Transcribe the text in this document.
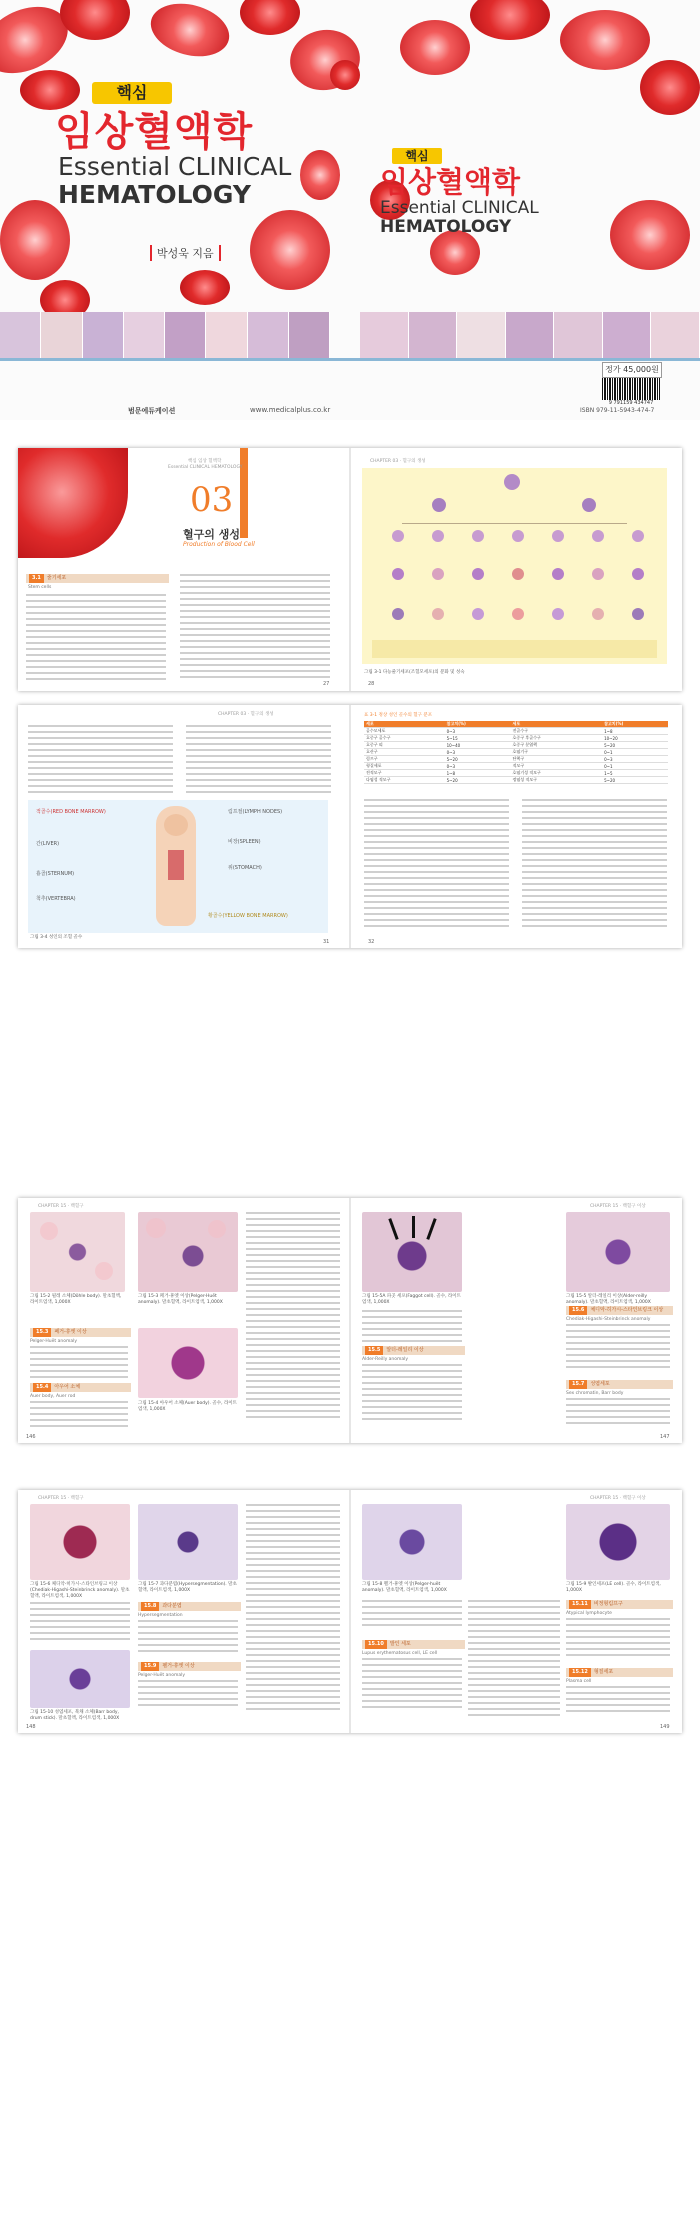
핵심
임상혈액학
Essential CLINICAL
HEMATOLOGY
박성욱 지음
핵심
임상혈액학
Essential CLINICAL
HEMATOLOGY
정가 45,000원
9 791159 434747
ISBN 979-11-5943-474-7
범문에듀케이션	www.medicalplus.co.kr
핵심 임상 혈액학
Essential CLINICAL HEMATOLOGY
03
혈구의 생성
Production of Blood Cell
3.1 줄기세포
Stem cells
27
CHAPTER 03 · 혈구의 생성
그림 3-1 다능줄기세포(조혈모세포)의 분화 및 성숙
28
CHAPTER 03 · 혈구의 생성
적골수(RED BONE MARROW)	림프절(LYMPH NODES)
비장(SPLEEN)
위(STOMACH)
간(LIVER)
흉골(STERNUM)
척추(VERTEBRA)
황골수(YELLOW BONE MARROW)
그림 3-4 성인의 조혈 골수
31
표 3-1 정상 성인 골수의 혈구 분포
세포	참고치(%)	세포	참고치(%)
골수모세포	0~3	전골수구	1~8
호중구 골수구	5~15	호중구 후골수구	10~20
호중구 띠	10~40	호중구 분엽핵	5~20
호산구	0~3	호염기구	0~1
림프구	5~20	단핵구	0~3
형질세포	0~3	적모구	0~1
전적모구	1~8	호염기성 적모구	1~5
다염성 적모구	5~20	정염성 적모구	5~20
32
CHAPTER 15 · 백혈구
그림 15-2 될레 소체(Döhle body). 말초혈액, 라이트염색, 1,000X
그림 15-3 페거-휴엣 이상(Pelger-Huët anomaly). 말초혈액, 라이트염색, 1,000X
그림 15-4 아우어 소체(Auer body). 골수, 라이트염색, 1,000X
15.3 페거-휴엣 이상
Pelger-Huët anomaly
15.4 아우어 소체
Auer body, Auer rod
146
CHAPTER 15 · 백혈구 이상
그림 15-5A 파곳 세포(Faggot cell). 골수, 라이트염색, 1,000X
그림 15-5 알더-레일리 이상(Alder-reilly anomaly). 말초혈액, 라이트염색, 1,000X
15.5 알더-레일리 이상
Alder-Reilly anomaly
15.6 체디악-히가시-스타인브링크 이상
Chediak-Higashi-Steinbrinck anomaly
15.7 성엽세포
Sex chromatin, Barr body
147
CHAPTER 15 · 백혈구
그림 15-6 체디악-히가시-스타인브링크 이상(Chediak-Higashi-Steinbrinck anomaly). 말초혈액, 라이트염색, 1,000X
그림 15-7 과다분엽(Hypersegmentation). 말초혈액, 라이트염색, 1,000X
그림 15-10 성엽세포, 북채 소체(Barr body, drum stick). 말초혈액, 라이트염색, 1,000X
15.8 과다분엽
Hypersegmentation
15.9 펠거-휴엣 이상
Pelger-Huët anomaly
148
CHAPTER 15 · 백혈구 이상
그림 15-8 펠거-휴엣 이상(Pelger-huët anomaly). 말초혈액, 라이트염색, 1,000X
그림 15-9 발인세포(LE cell). 골수, 라이트염색, 1,000X
15.10 발인 세포
Lupus erythematosus cell, LE cell
15.11 비정형림프구
Atypical lymphocyte
15.12 형질세포
Plasma cell
149
